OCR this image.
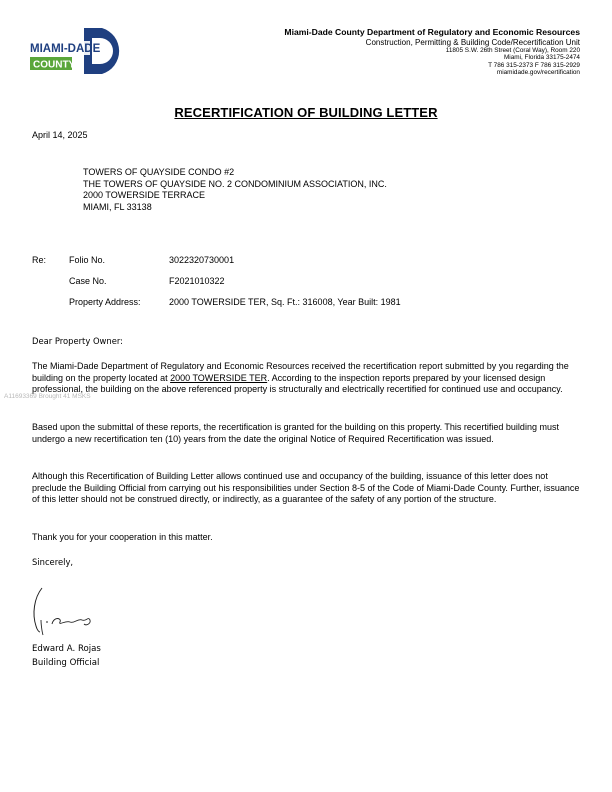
MIAMI-DADE
COUNTY
Miami-Dade County Department of Regulatory and Economic Resources
Construction, Permitting & Building Code/Recertification Unit
11805 S.W. 26th Street (Coral Way), Room 220
Miami, Florida 33175-2474
T 786 315-2373 F 786 315-2929
miamidade.gov/recertification
RECERTIFICATION OF BUILDING LETTER
April 14, 2025
TOWERS OF QUAYSIDE CONDO #2
THE TOWERS OF QUAYSIDE NO. 2 CONDOMINIUM ASSOCIATION, INC.
2000 TOWERSIDE TERRACE
MIAMI, FL 33138
Re:	Folio No.	3022320730001
Case No.	F2021010322
Property Address:	2000 TOWERSIDE TER, Sq. Ft.: 316008, Year Built: 1981
Dear Property Owner:
The Miami-Dade Department of Regulatory and Economic Resources received the recertification report submitted by you regarding the building on the property located at 2000 TOWERSIDE TER. According to the inspection reports prepared by your licensed design professional, the building on the above referenced property is structurally and electrically recertified for continued use and occupancy.
Based upon the submittal of these reports, the recertification is granted for the building on this property. This recertified building must undergo a new recertification ten (10) years from the date the original Notice of Required Recertification was issued.
Although this Recertification of Building Letter allows continued use and occupancy of the building, issuance of this letter does not preclude the Building Official from carrying out his responsibilities under Section 8-5 of the Code of Miami-Dade County. Further, issuance of this letter should not be construed directly, or indirectly, as a guarantee of the safety of any portion of the structure.
Thank you for your cooperation in this matter.
Sincerely,
A11693369 Brought 41 MSKS
Edward A. Rojas
Building Official
